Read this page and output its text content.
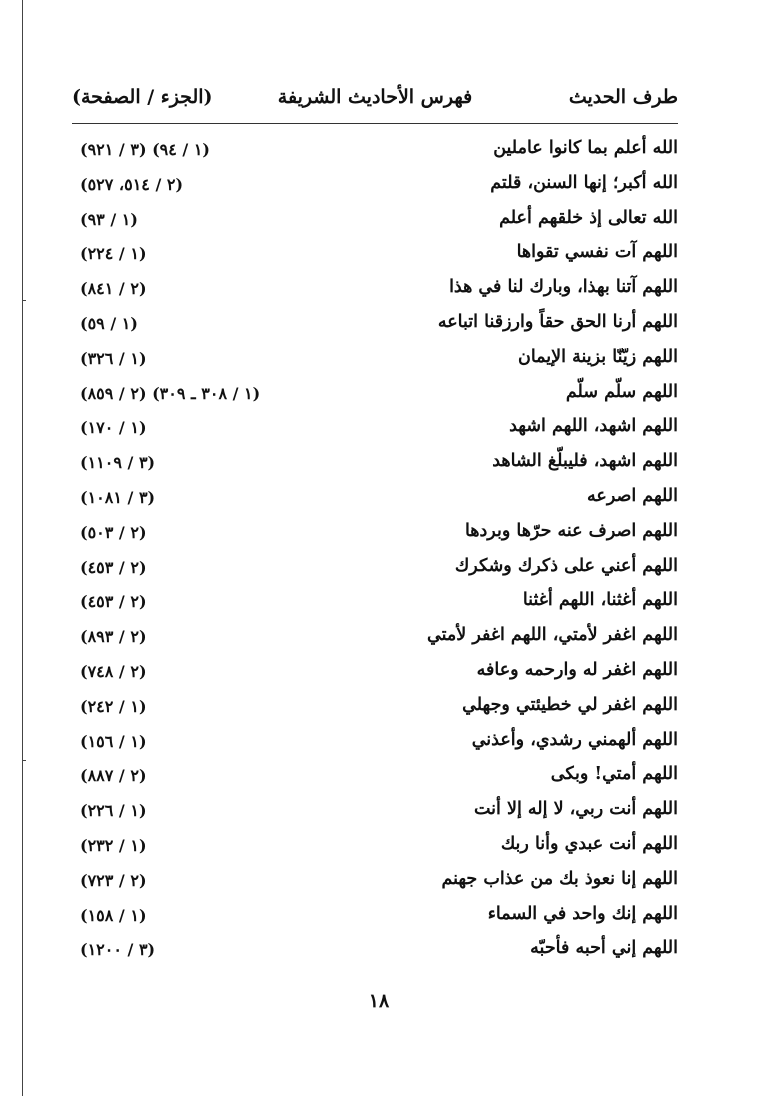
طرف الحديث
فهرس الأحاديث الشريفة
(الجزء / الصفحة)
الله أعلم بما كانوا عاملين
(١ / ٩٤) (٣ / ٩٢١)
الله أكبر؛ إنها السنن، قلتم
(٢ / ٥١٤، ٥٢٧)
الله تعالى إذ خلقهم أعلم
(١ / ٩٣)
اللهم آت نفسي تقواها
(١ / ٢٢٤)
اللهم آتنا بهذا، وبارك لنا في هذا
(٢ / ٨٤١)
اللهم أرنا الحق حقاً وارزقنا اتباعه
(١ / ٥٩)
اللهم زيّنّا بزينة الإيمان
(١ / ٣٢٦)
اللهم سلّم سلّم
(١ / ٣٠٨ ـ ٣٠٩) (٢ / ٨٥٩)
اللهم اشهد، اللهم اشهد
(١ / ١٧٠)
اللهم اشهد، فليبلّغ الشاهد
(٣ / ١١٠٩)
اللهم اصرعه
(٣ / ١٠٨١)
اللهم اصرف عنه حرّها وبردها
(٢ / ٥٠٣)
اللهم أعني على ذكرك وشكرك
(٢ / ٤٥٣)
اللهم أغثنا، اللهم أغثنا
(٢ / ٤٥٣)
اللهم اغفر لأمتي، اللهم اغفر لأمتي
(٢ / ٨٩٣)
اللهم اغفر له وارحمه وعافه
(٢ / ٧٤٨)
اللهم اغفر لي خطيئتي وجهلي
(١ / ٢٤٢)
اللهم ألهمني رشدي، وأعذني
(١ / ١٥٦)
اللهم أمتي! وبكى
(٢ / ٨٨٧)
اللهم أنت ربي، لا إله إلا أنت
(١ / ٢٢٦)
اللهم أنت عبدي وأنا ربك
(١ / ٢٣٢)
اللهم إنا نعوذ بك من عذاب جهنم
(٢ / ٧٢٣)
اللهم إنك واحد في السماء
(١ / ١٥٨)
اللهم إني أحبه فأحبّه
(٣ / ١٢٠٠)
١٨
